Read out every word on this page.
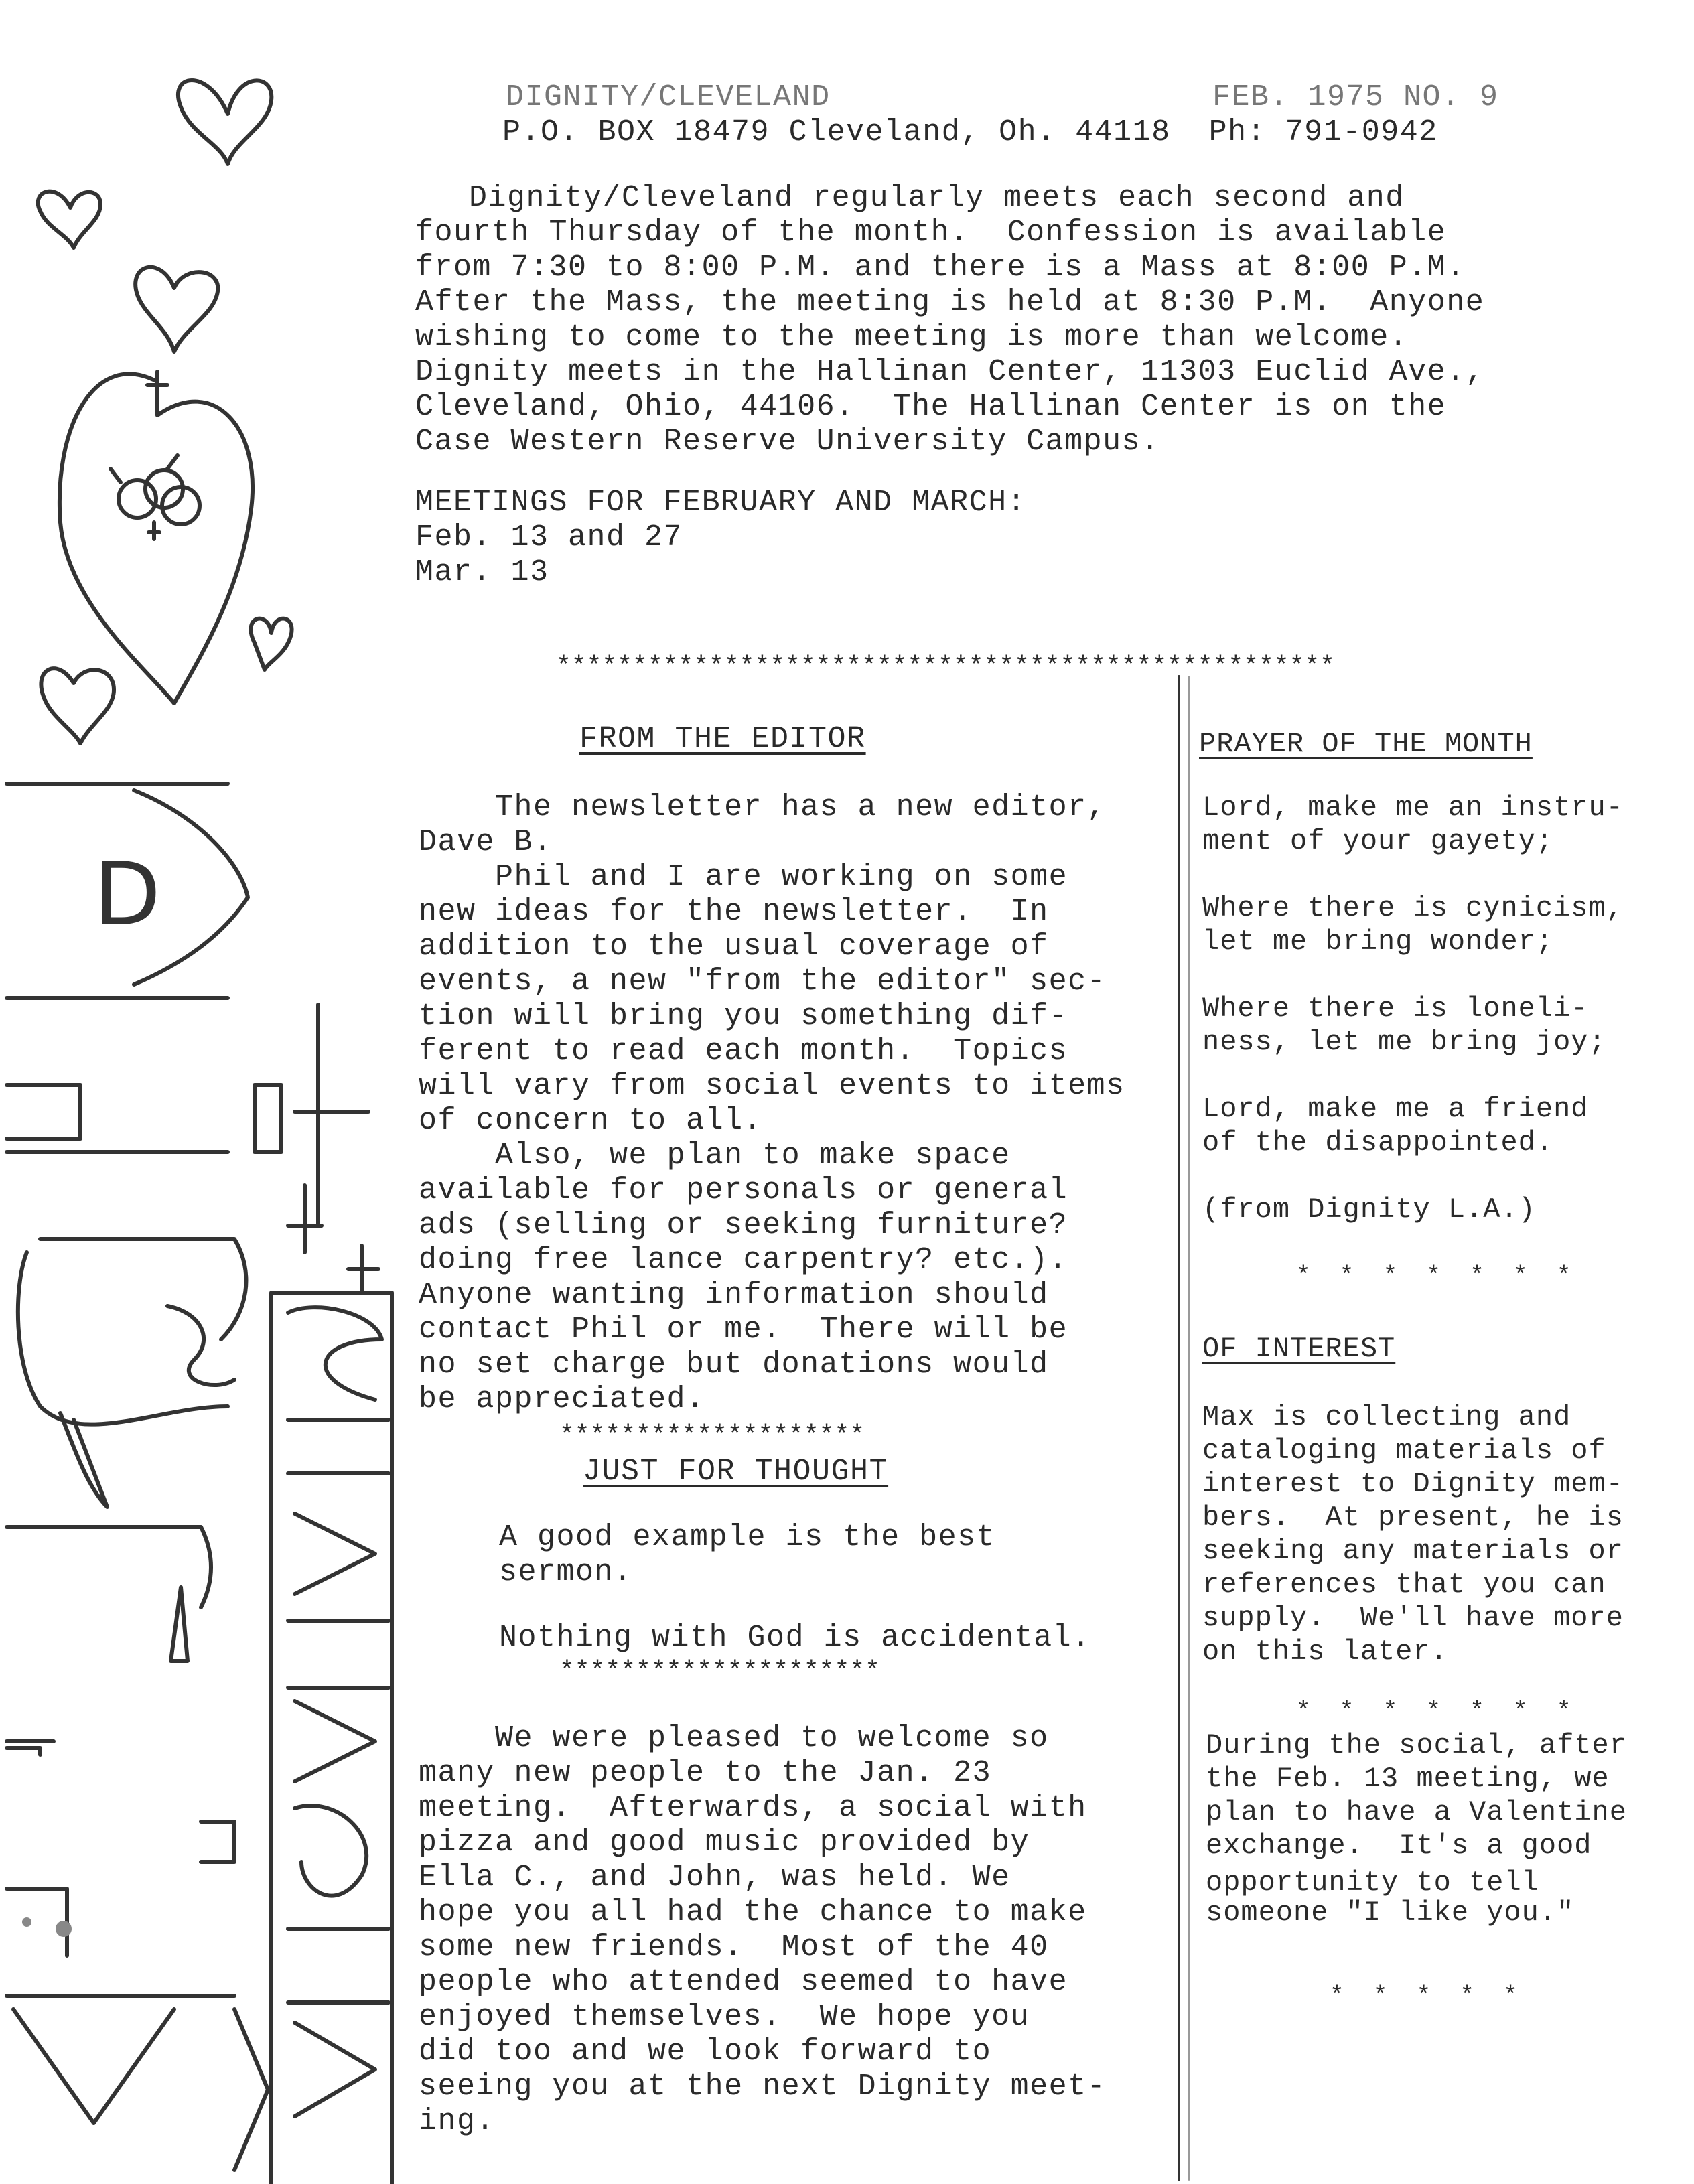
D
DIGNITY/CLEVELAND	FEB. 1975 NO. 9
P.O. BOX 18479 Cleveland, Oh. 44118  Ph: 791-0942
Dignity/Cleveland regularly meets each second and
fourth Thursday of the month.  Confession is available
from 7:30 to 8:00 P.M. and there is a Mass at 8:00 P.M.
After the Mass, the meeting is held at 8:30 P.M.  Anyone
wishing to come to the meeting is more than welcome.
Dignity meets in the Hallinan Center, 11303 Euclid Ave.,
Cleveland, Ohio, 44106.  The Hallinan Center is on the
Case Western Reserve University Campus.
MEETINGS FOR FEBRUARY AND MARCH:
Feb. 13 and 27
Mar. 13
***************************************************
FROM THE EDITOR
The newsletter has a new editor,
Dave B.
Phil and I are working on some
new ideas for the newsletter.  In
addition to the usual coverage of
events, a new "from the editor" sec-
tion will bring you something dif-
ferent to read each month.  Topics
will vary from social events to items
of concern to all.
Also, we plan to make space
available for personals or general
ads (selling or seeking furniture?
doing free lance carpentry? etc.).
Anyone wanting information should
contact Phil or me.  There will be
no set charge but donations would
be appreciated.
********************
JUST FOR THOUGHT
A good example is the best
sermon.
Nothing with God is accidental.
*********************
We were pleased to welcome so
many new people to the Jan. 23
meeting.  Afterwards, a social with
pizza and good music provided by
Ella C., and John, was held. We
hope you all had the chance to make
some new friends.  Most of the 40
people who attended seemed to have
enjoyed themselves.  We hope you
did too and we look forward to
seeing you at the next Dignity meet-
ing.
PRAYER OF THE MONTH
Lord, make me an instru-
ment of your gayety;
Where there is cynicism,
let me bring wonder;
Where there is loneli-
ness, let me bring joy;
Lord, make me a friend
of the disappointed.
(from Dignity L.A.)
*  *  *  *  *  *  *
OF INTEREST
Max is collecting and
cataloging materials of
interest to Dignity mem-
bers.  At present, he is
seeking any materials or
references that you can
supply.  We'll have more
on this later.
*  *  *  *  *  *  *
During the social, after
the Feb. 13 meeting, we
plan to have a Valentine
exchange.  It's a good
opportunity to tell
someone "I like you."
*  *  *  *  *
